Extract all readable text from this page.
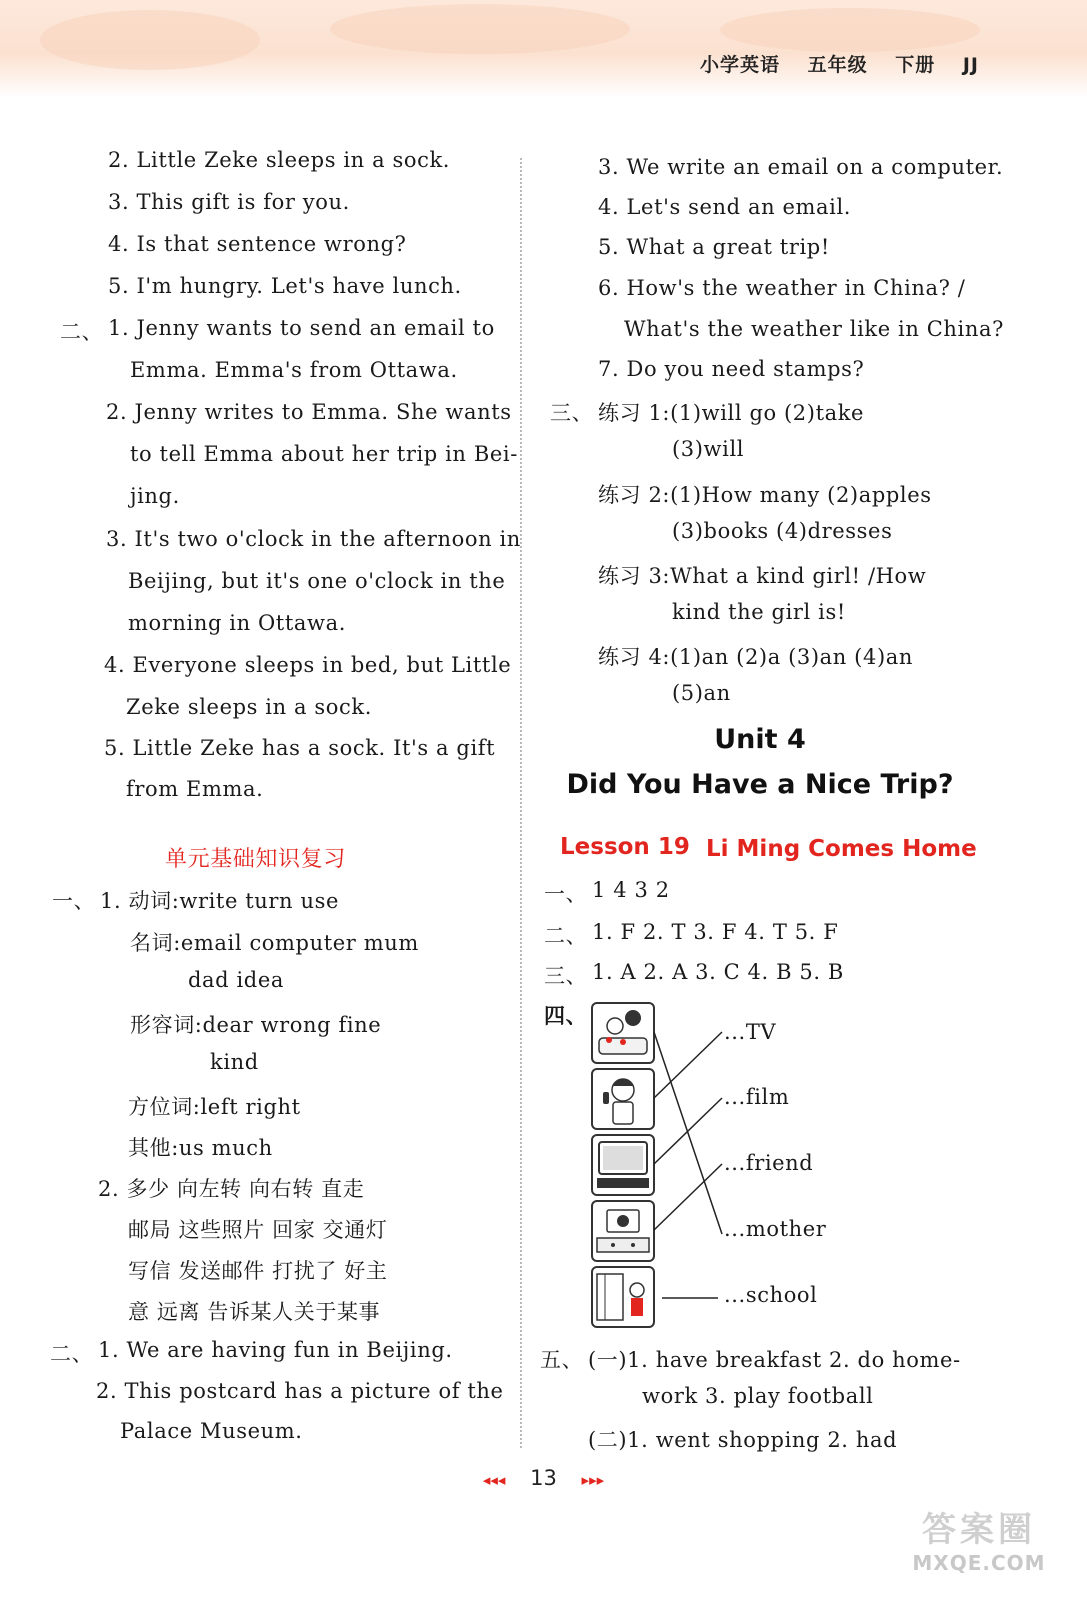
小学英语 五年级 下册 JJ
2. Little Zeke sleeps in a sock.
3. This gift is for you.
4. Is that sentence wrong?
5. I'm hungry. Let's have lunch.
二、 1. Jenny wants to send an email to
Emma. Emma's from Ottawa.
2. Jenny writes to Emma. She wants
to tell Emma about her trip in Bei-
jing.
3. It's two o'clock in the afternoon in
Beijing, but it's one o'clock in the
morning in Ottawa.
4. Everyone sleeps in bed, but Little
Zeke sleeps in a sock.
5. Little Zeke has a sock. It's a gift
from Emma.
单元基础知识复习
一、 1. 动词:write turn use
名词:email computer mum
dad idea
形容词:dear wrong fine
kind
方位词:left right
其他:us much
2. 多少 向左转 向右转 直走
邮局 这些照片 回家 交通灯
写信 发送邮件 打扰了 好主
意 远离 告诉某人关于某事
二、 1. We are having fun in Beijing.
2. This postcard has a picture of the
Palace Museum.
3. We write an email on a computer.
4. Let's send an email.
5. What a great trip!
6. How's the weather in China? /
What's the weather like in China?
7. Do you need stamps?
三、 练习 1:(1)will go (2)take
(3)will
练习 2:(1)How many (2)apples
(3)books (4)dresses
练习 3:What a kind girl! /How
kind the girl is!
练习 4:(1)an (2)a (3)an (4)an
(5)an
Unit 4
Did You Have a Nice Trip?
Lesson 19 Li Ming Comes Home
一、 1 4 3 2
二、 1. F 2. T 3. F 4. T 5. F
三、 1. A 2. A 3. C 4. B 5. B
四、
...TV
...film
...friend
...mother
...school
五、 (一)1. have breakfast 2. do home-
work 3. play football
(二)1. went shopping 2. had
◂◂◂ 13 ▸▸▸
答案圈
MXQE.COM
